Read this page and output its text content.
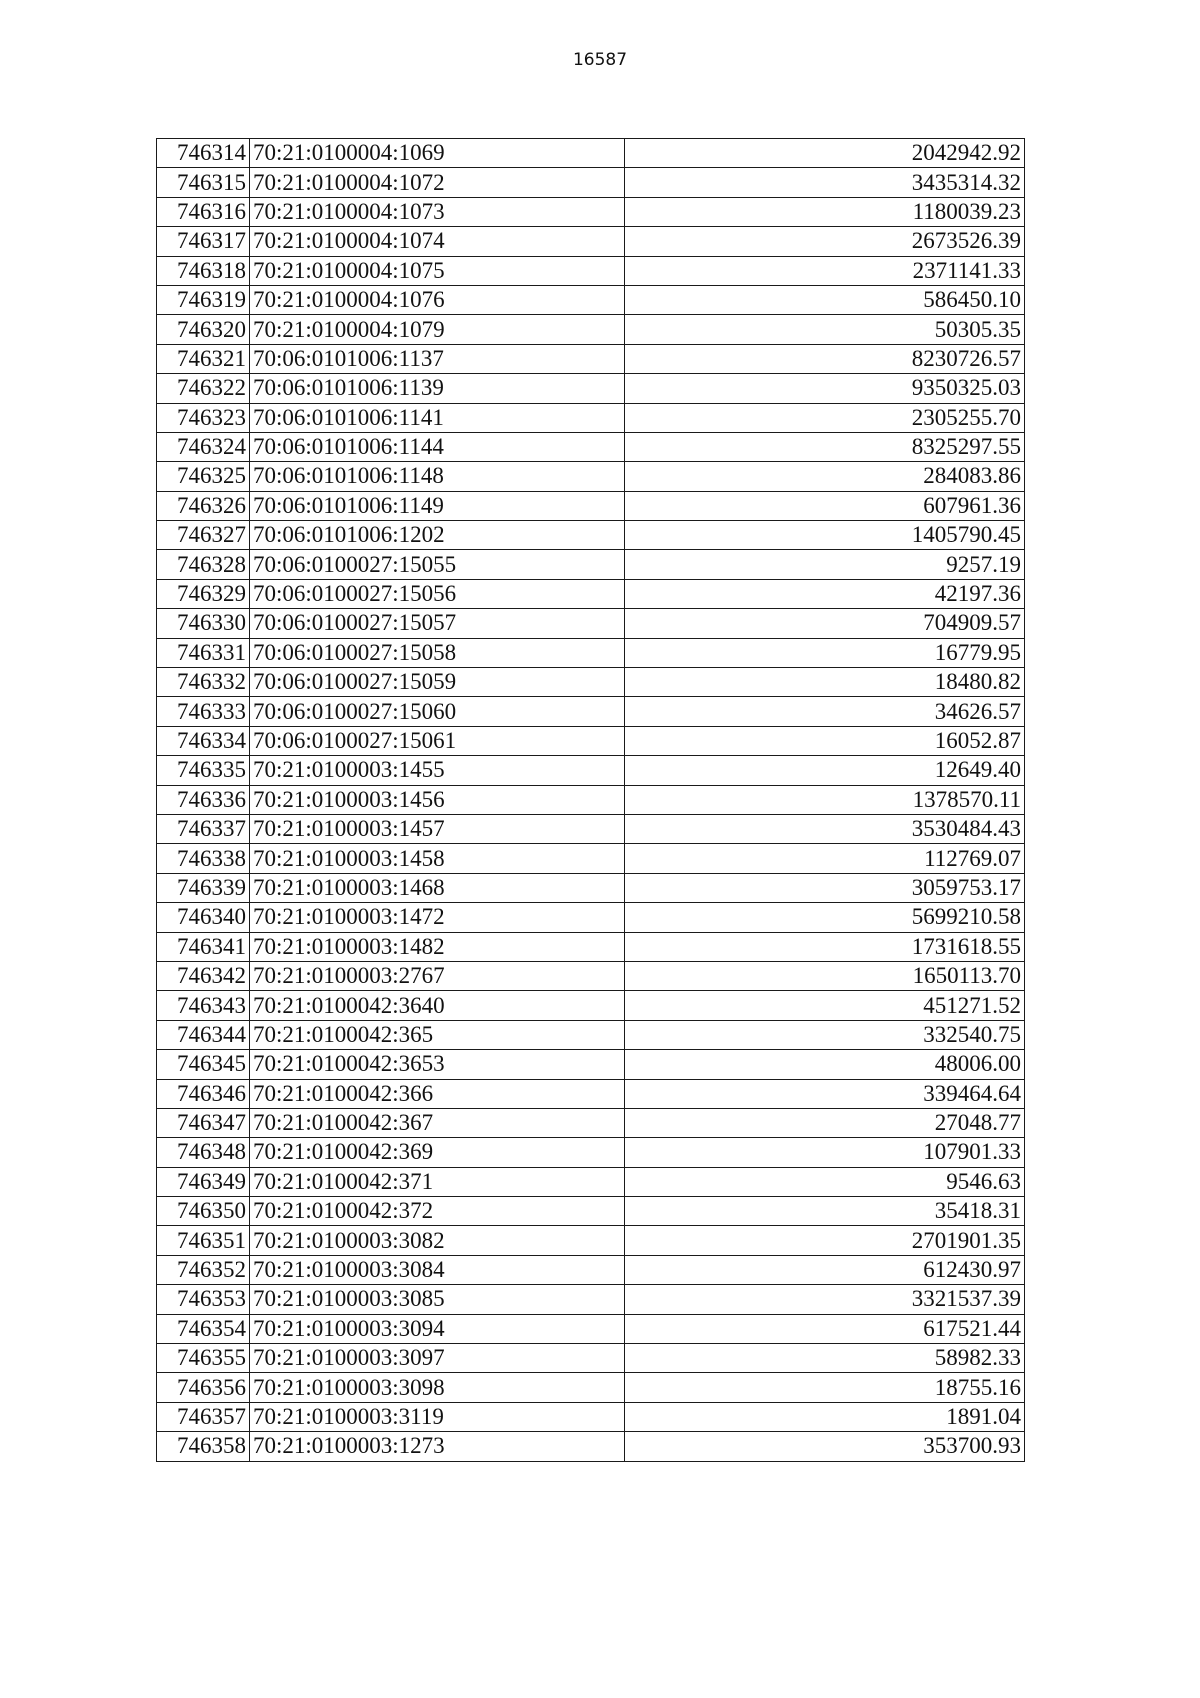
16587
746314	70:21:0100004:1069	2042942.92
746315	70:21:0100004:1072	3435314.32
746316	70:21:0100004:1073	1180039.23
746317	70:21:0100004:1074	2673526.39
746318	70:21:0100004:1075	2371141.33
746319	70:21:0100004:1076	586450.10
746320	70:21:0100004:1079	50305.35
746321	70:06:0101006:1137	8230726.57
746322	70:06:0101006:1139	9350325.03
746323	70:06:0101006:1141	2305255.70
746324	70:06:0101006:1144	8325297.55
746325	70:06:0101006:1148	284083.86
746326	70:06:0101006:1149	607961.36
746327	70:06:0101006:1202	1405790.45
746328	70:06:0100027:15055	9257.19
746329	70:06:0100027:15056	42197.36
746330	70:06:0100027:15057	704909.57
746331	70:06:0100027:15058	16779.95
746332	70:06:0100027:15059	18480.82
746333	70:06:0100027:15060	34626.57
746334	70:06:0100027:15061	16052.87
746335	70:21:0100003:1455	12649.40
746336	70:21:0100003:1456	1378570.11
746337	70:21:0100003:1457	3530484.43
746338	70:21:0100003:1458	112769.07
746339	70:21:0100003:1468	3059753.17
746340	70:21:0100003:1472	5699210.58
746341	70:21:0100003:1482	1731618.55
746342	70:21:0100003:2767	1650113.70
746343	70:21:0100042:3640	451271.52
746344	70:21:0100042:365	332540.75
746345	70:21:0100042:3653	48006.00
746346	70:21:0100042:366	339464.64
746347	70:21:0100042:367	27048.77
746348	70:21:0100042:369	107901.33
746349	70:21:0100042:371	9546.63
746350	70:21:0100042:372	35418.31
746351	70:21:0100003:3082	2701901.35
746352	70:21:0100003:3084	612430.97
746353	70:21:0100003:3085	3321537.39
746354	70:21:0100003:3094	617521.44
746355	70:21:0100003:3097	58982.33
746356	70:21:0100003:3098	18755.16
746357	70:21:0100003:3119	1891.04
746358	70:21:0100003:1273	353700.93
